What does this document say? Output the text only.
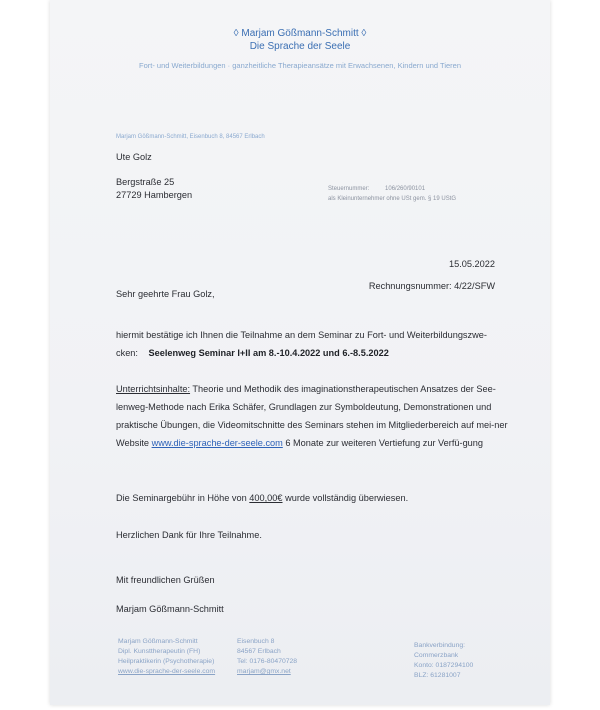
◊ Marjam Gößmann-Schmitt ◊
Die Sprache der Seele
Fort- und Weiterbildungen · ganzheitliche Therapieansätze mit Erwachsenen, Kindern und Tieren
Marjam Gößmann-Schmitt, Eisenbuch 8, 84567 Erlbach
Ute Golz
Bergstraße 25
27729 Hambergen
Steuernummer:	106/260/90101
als Kleinunternehmer ohne USt gem. § 19 UStG
15.05.2022
Rechnungsnummer: 4/22/SFW
Sehr geehrte Frau Golz,
hiermit bestätige ich Ihnen die Teilnahme an dem Seminar zu Fort- und Weiterbildungszwe-
cken: Seelenweg Seminar I+II am 8.-10.4.2022 und 6.-8.5.2022
Unterrichtsinhalte: Theorie und Methodik des imaginationstherapeutischen Ansatzes der See-lenweg-Methode nach Erika Schäfer, Grundlagen zur Symboldeutung, Demonstrationen und praktische Übungen, die Videomitschnitte des Seminars stehen im Mitgliederbereich auf mei-ner Website www.die-sprache-der-seele.com 6 Monate zur weiteren Vertiefung zur Verfü-gung
Die Seminargebühr in Höhe von 400,00€ wurde vollständig überwiesen.
Herzlichen Dank für Ihre Teilnahme.
Mit freundlichen Grüßen
Marjam Gößmann-Schmitt
Marjam Gößmann-Schmitt
Dipl. Kunsttherapeutin (FH)
Heilpraktikerin (Psychotherapie)
www.die-sprache-der-seele.com
Eisenbuch 8
84567 Erlbach
Tel: 0176-80470728
marjam@gmx.net
Bankverbindung:
Commerzbank
Konto: 0187294100
BLZ: 61281007
